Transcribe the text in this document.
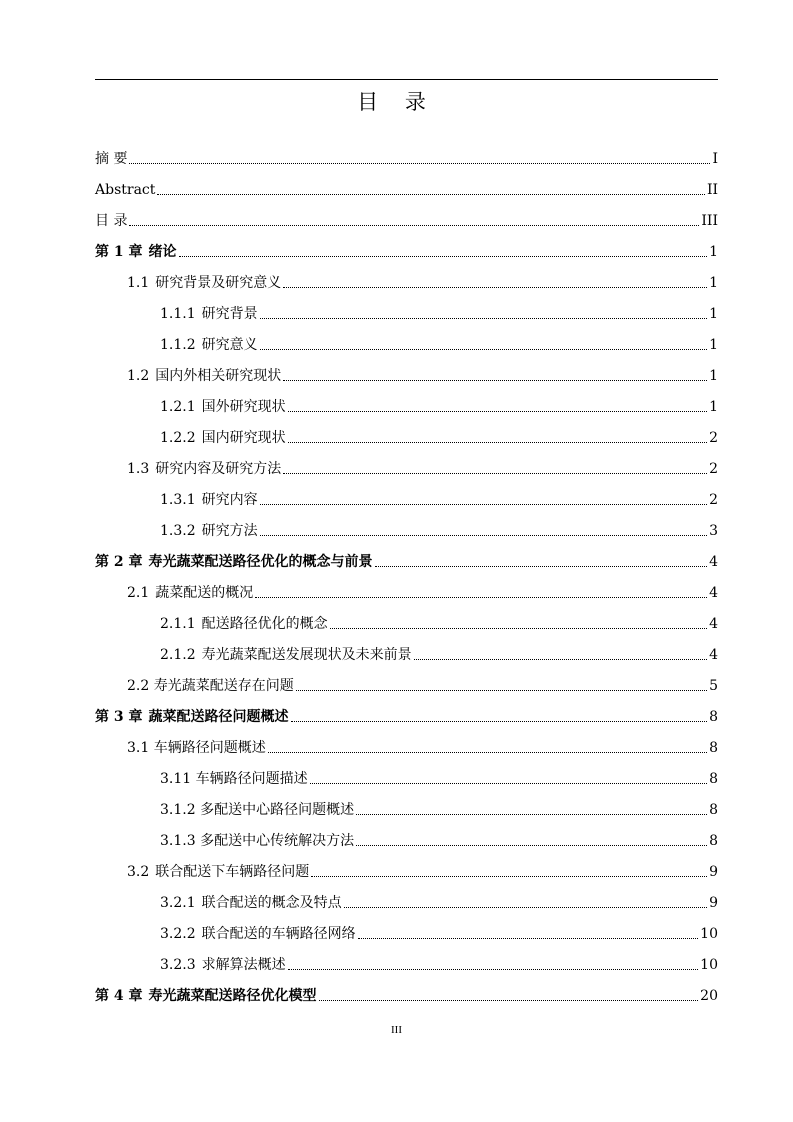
目 录
摘 要	I
Abstract	II
目 录	III
第 1 章 绪论	1
1.1 研究背景及研究意义	1
1.1.1 研究背景	1
1.1.2 研究意义	1
1.2 国内外相关研究现状	1
1.2.1 国外研究现状	1
1.2.2 国内研究现状	2
1.3 研究内容及研究方法	2
1.3.1 研究内容	2
1.3.2 研究方法	3
第 2 章 寿光蔬菜配送路径优化的概念与前景	4
2.1 蔬菜配送的概况	4
2.1.1 配送路径优化的概念	4
2.1.2 寿光蔬菜配送发展现状及未来前景	4
2.2 寿光蔬菜配送存在问题	5
第 3 章 蔬菜配送路径问题概述	8
3.1 车辆路径问题概述	8
3.11 车辆路径问题描述	8
3.1.2 多配送中心路径问题概述	8
3.1.3 多配送中心传统解决方法	8
3.2 联合配送下车辆路径问题	9
3.2.1 联合配送的概念及特点	9
3.2.2 联合配送的车辆路径网络	10
3.2.3 求解算法概述	10
第 4 章 寿光蔬菜配送路径优化模型	20
III
